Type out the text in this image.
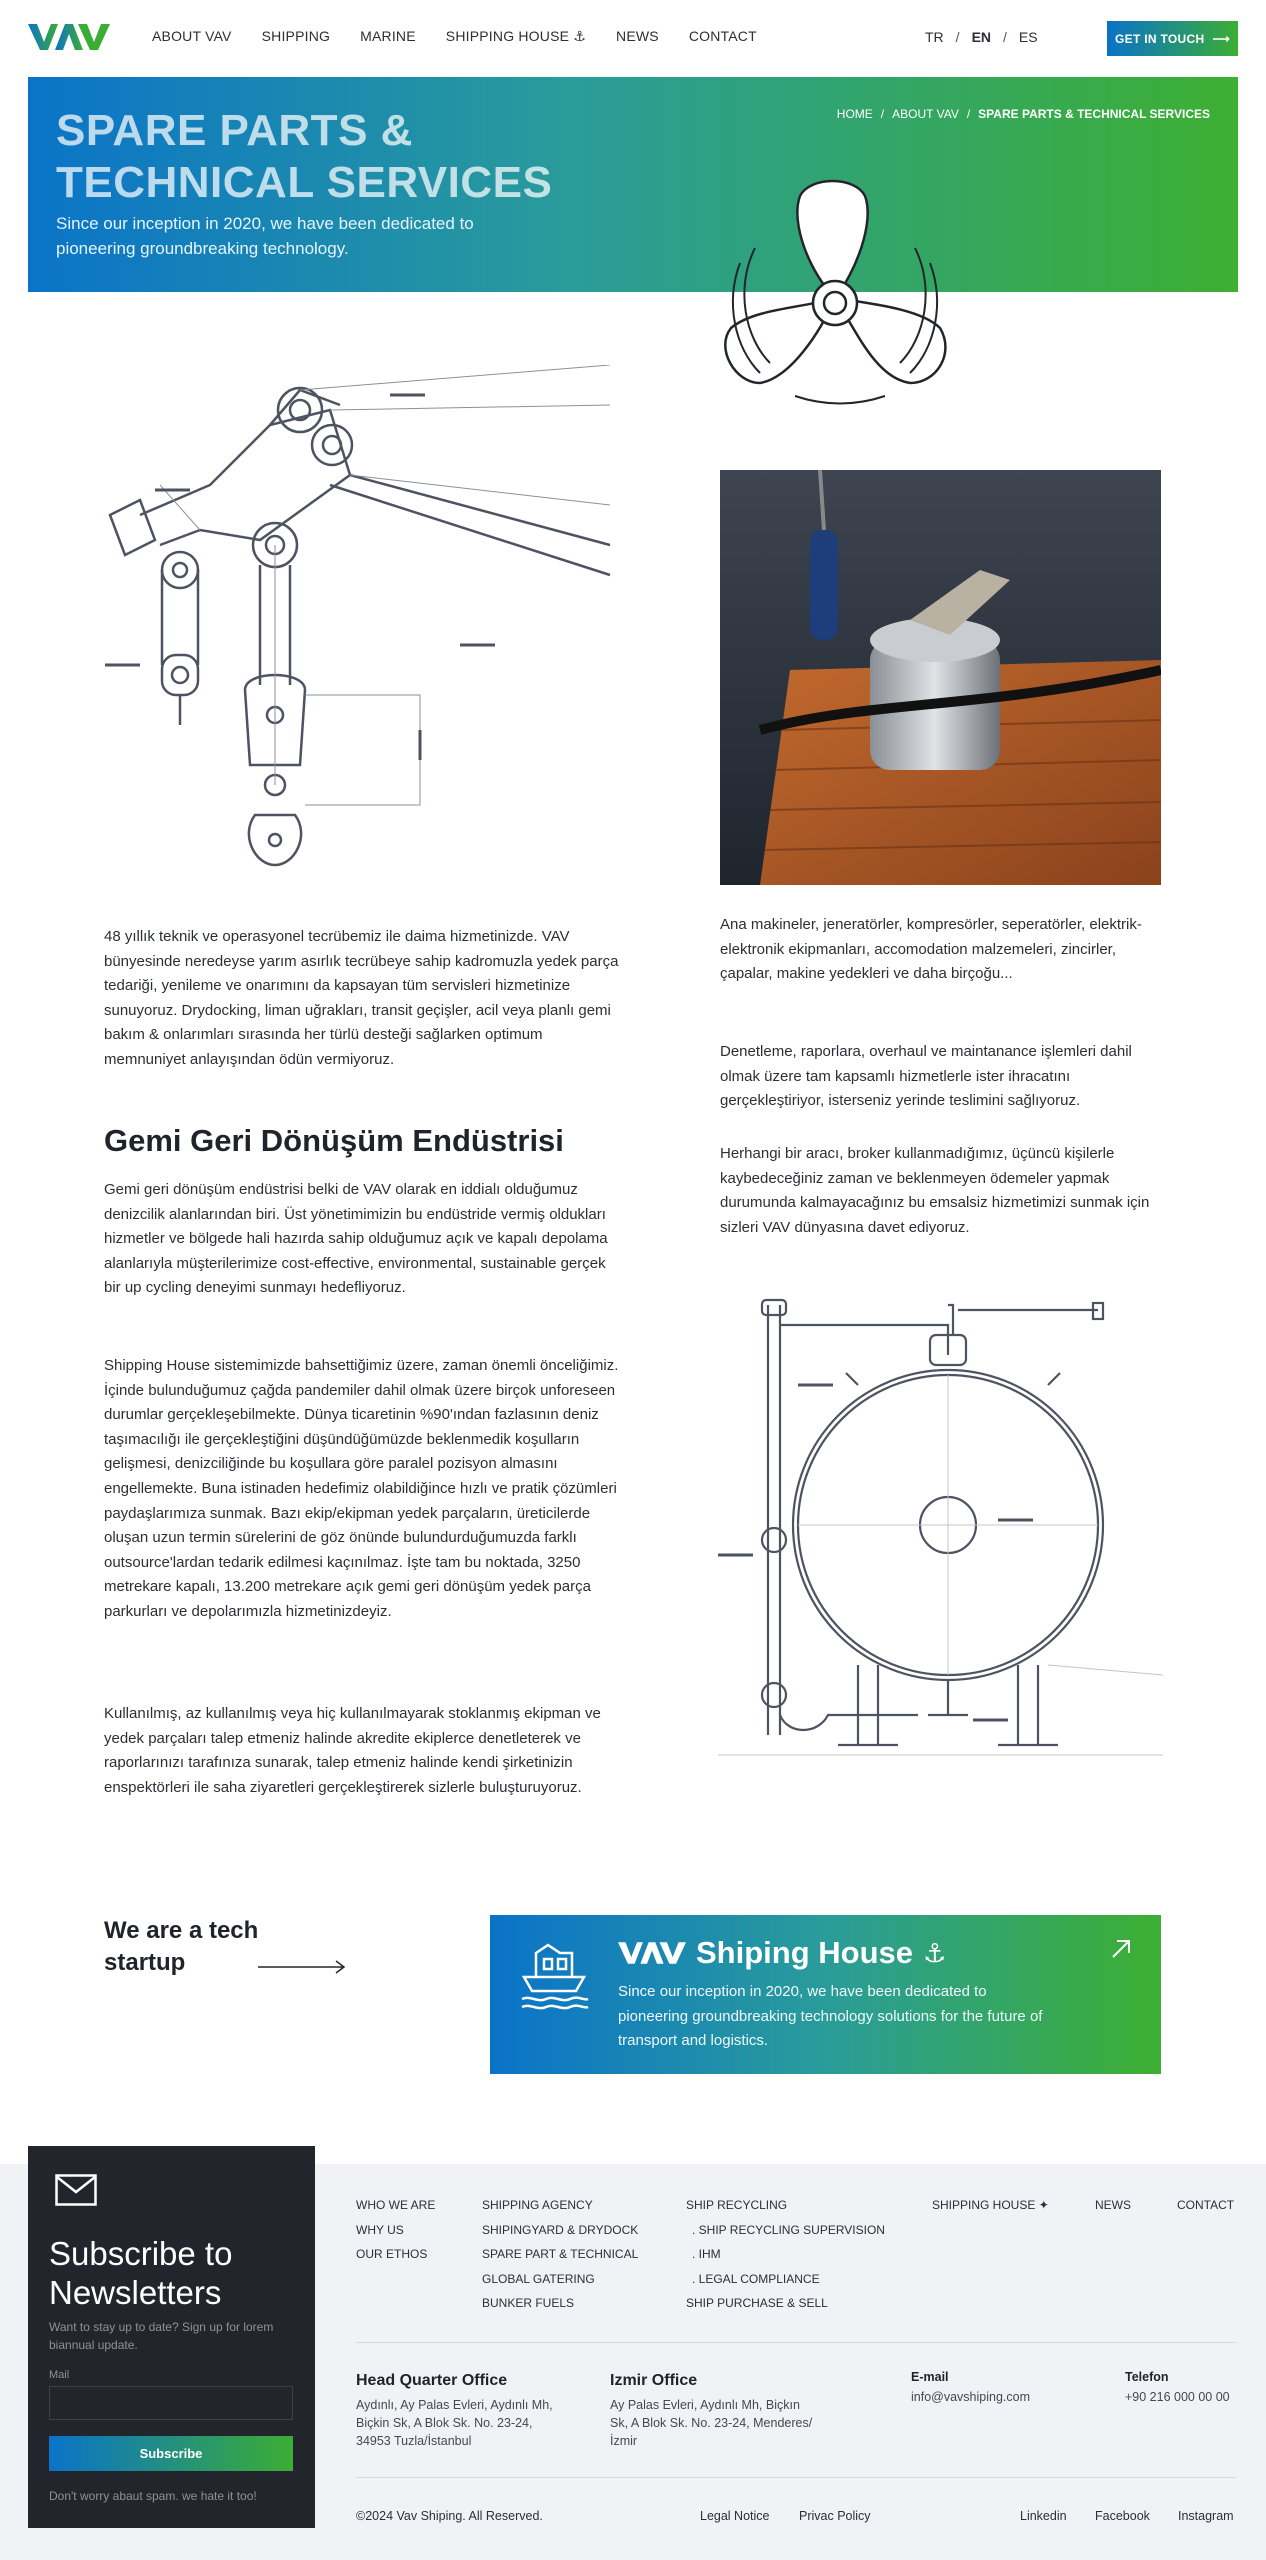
ABOUT VAV SHIPPING MARINE SHIPPING HOUSE ⚓ NEWS CONTACT	TR / EN / ES	GET IN TOUCH ⟶
SPARE PARTS & TECHNICAL SERVICES
Since our inception in 2020, we have been dedicated to pioneering groundbreaking technology.
HOME / ABOUT VAV / SPARE PARTS & TECHNICAL SERVICES
48 yıllık teknik ve operasyonel tecrübemiz ile daima hizmetinizde. VAV bünyesinde neredeyse yarım asırlık tecrübeye sahip kadromuzla yedek parça tedariği, yenileme ve onarımını da kapsayan tüm servisleri hizmetinize sunuyoruz. Drydocking, liman uğrakları, transit geçişler, acil veya planlı gemi bakım & onlarımları sırasında her türlü desteği sağlarken optimum memnuniyet anlayışından ödün vermiyoruz.
Gemi Geri Dönüşüm Endüstrisi
Gemi geri dönüşüm endüstrisi belki de VAV olarak en iddialı olduğumuz denizcilik alanlarından biri. Üst yönetimimizin bu endüstride vermiş oldukları hizmetler ve bölgede hali hazırda sahip olduğumuz açık ve kapalı depolama alanlarıyla müşterilerimize cost-effective, environmental, sustainable gerçek bir up cycling deneyimi sunmayı hedefliyoruz.
Shipping House sistemimizde bahsettiğimiz üzere, zaman önemli önceliğimiz. İçinde bulunduğumuz çağda pandemiler dahil olmak üzere birçok unforeseen durumlar gerçekleşebilmekte. Dünya ticaretinin %90'ından fazlasının deniz taşımacılığı ile gerçekleştiğini düşündüğümüzde beklenmedik koşulların gelişmesi, denizciliğinde bu koşullara göre paralel pozisyon almasını engellemekte. Buna istinaden hedefimiz olabildiğince hızlı ve pratik çözümleri paydaşlarımıza sunmak. Bazı ekip/ekipman yedek parçaların, üreticilerde oluşan uzun termin sürelerini de göz önünde bulundurduğumuzda farklı outsource'lardan tedarik edilmesi kaçınılmaz. İşte tam bu noktada, 3250 metrekare kapalı, 13.200 metrekare açık gemi geri dönüşüm yedek parça parkurları ve depolarımızla hizmetinizdeyiz.
Kullanılmış, az kullanılmış veya hiç kullanılmayarak stoklanmış ekipman ve yedek parçaları talep etmeniz halinde akredite ekiplerce denetleterek ve raporlarınızı tarafınıza sunarak, talep etmeniz halinde kendi şirketinizin enspektörleri ile saha ziyaretleri gerçekleştirerek sizlerle buluşturuyoruz.
Ana makineler, jeneratörler, kompresörler, seperatörler, elektrik- elektronik ekipmanları, accomodation malzemeleri, zincirler, çapalar, makine yedekleri ve daha birçoğu...
Denetleme, raporlara, overhaul ve maintanance işlemleri dahil olmak üzere tam kapsamlı hizmetlerle ister ihracatını gerçekleştiriyor, isterseniz yerinde teslimini sağlıyoruz.
Herhangi bir aracı, broker kullanmadığımız, üçüncü kişilerle kaybedeceğiniz zaman ve beklenmeyen ödemeler yapmak durumunda kalmayacağınız bu emsalsiz hizmetimizi sunmak için sizleri VAV dünyasına davet ediyoruz.
We are a tech startup	Shiping House ⚓
Since our inception in 2020, we have been dedicated to pioneering groundbreaking technology solutions for the future of transport and logistics.
Subscribe to Newsletters
Want to stay up to date? Sign up for lorem biannual update.
Mail
Subscribe
Don't worry abaut spam. we hate it too!
WHO WE ARE
WHY US
OUR ETHOS
SHIPPING AGENCY
SHIPINGYARD & DRYDOCK
SPARE PART & TECHNICAL
GLOBAL GATERING
BUNKER FUELS
SHIP RECYCLING
. SHIP RECYCLING SUPERVISION
. IHM
. LEGAL COMPLIANCE
SHIP PURCHASE & SELL
SHIPPING HOUSE ✦	NEWS	CONTACT
Head Quarter Office
Aydınlı, Ay Palas Evleri, Aydınlı Mh, Biçkin Sk, A Blok Sk. No. 23-24, 34953 Tuzla/İstanbul
Izmir Office
Ay Palas Evleri, Aydınlı Mh, Biçkın Sk, A Blok Sk. No. 23-24, Menderes/İzmir
E-mail
info@vavshiping.com
Telefon
+90 216 000 00 00
©2024 Vav Shiping. All Reserved.	Legal Notice Privac Policy	Linkedin Facebook Instagram
